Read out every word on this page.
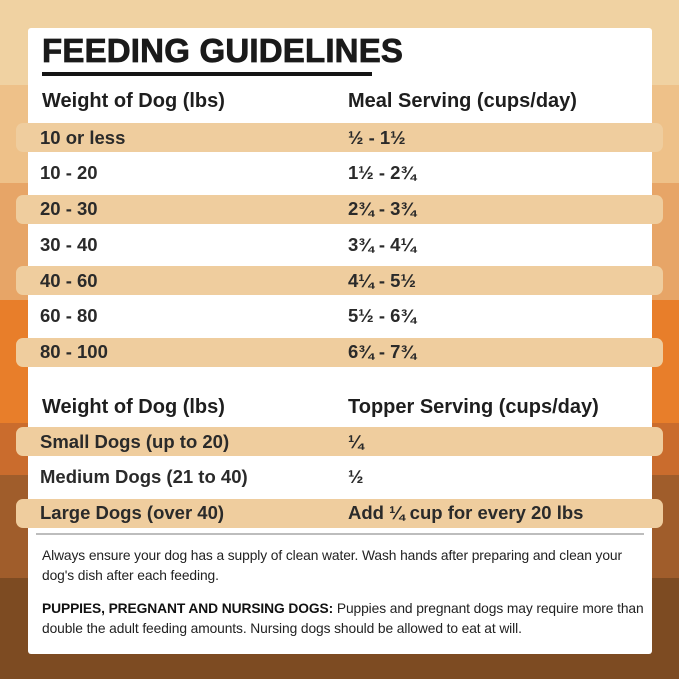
FEEDING GUIDELINES
Weight of Dog (lbs)	Meal Serving (cups/day)
10 or less	½ - 1½
10 - 20	1½ - 2¾
20 - 30	2¾ - 3¾
30 - 40	3¾ - 4¼
40 - 60	4¼ - 5½
60 - 80	5½ - 6¾
80 - 100	6¾ - 7¾
Weight of Dog (lbs)	Topper Serving (cups/day)
Small Dogs (up to 20)	¼
Medium Dogs (21 to 40)	½
Large Dogs (over 40)	Add ¼ cup for every 20 lbs
Always ensure your dog has a supply of clean water. Wash hands after preparing and clean your dog's dish after each feeding.
PUPPIES, PREGNANT AND NURSING DOGS: Puppies and pregnant dogs may require more than double the adult feeding amounts. Nursing dogs should be allowed to eat at will.
